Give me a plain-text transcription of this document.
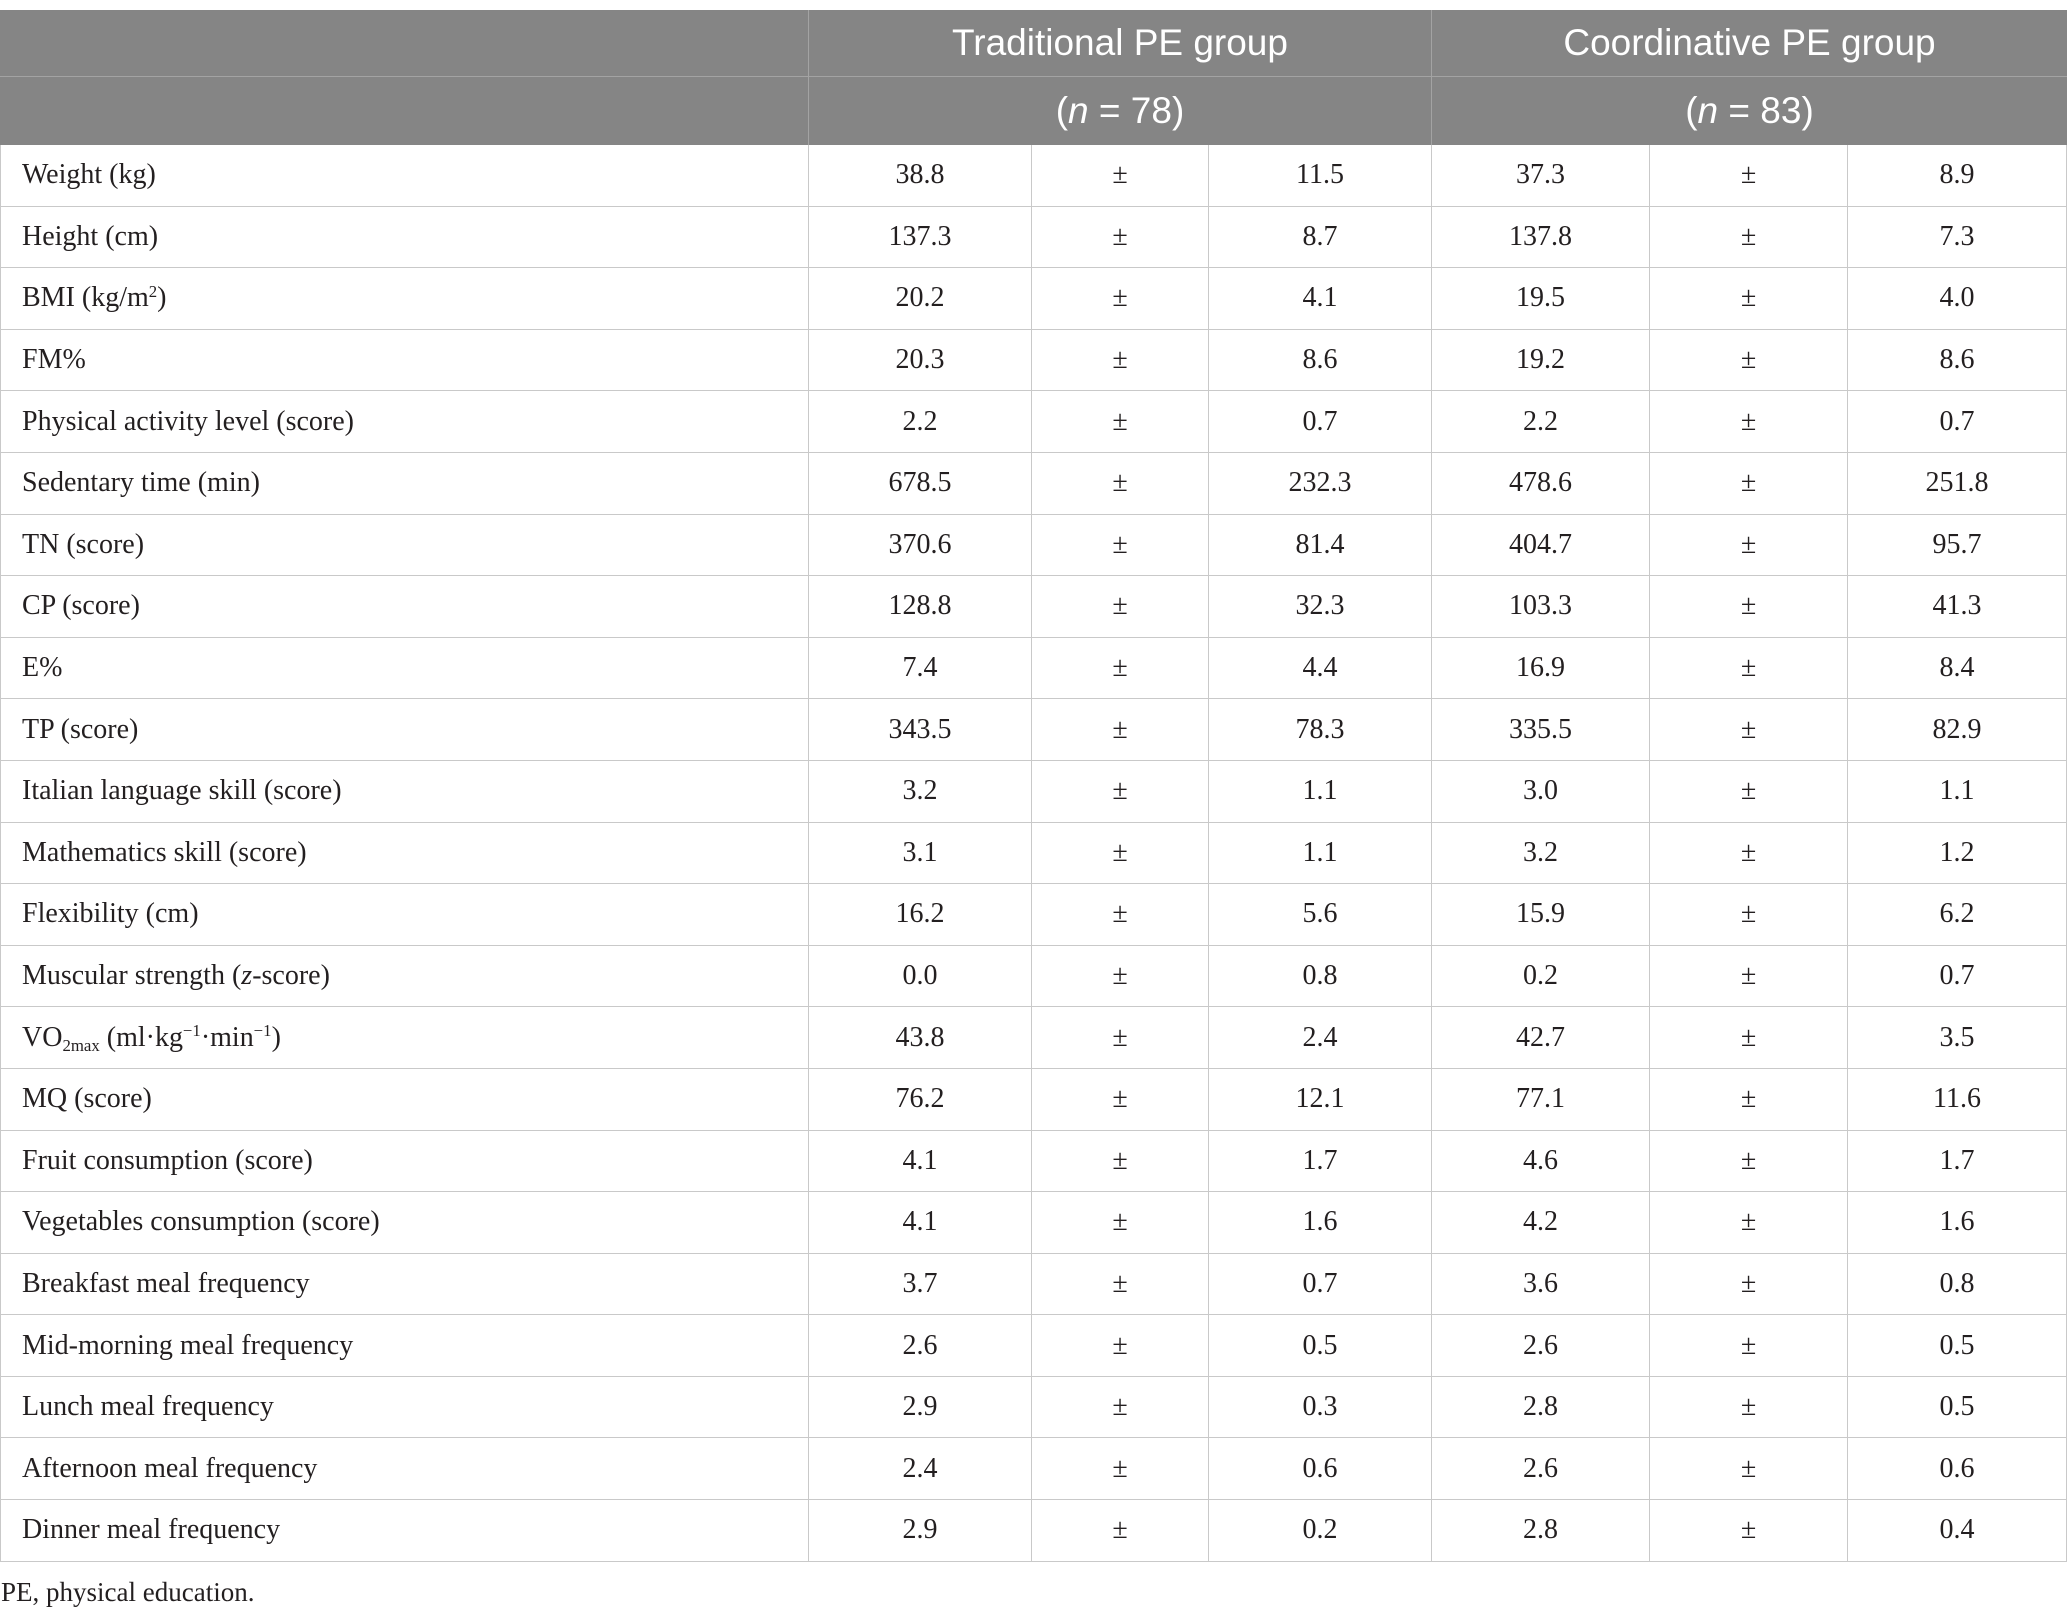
Traditional PE group	Coordinative PE group
(n = 78)	(n = 83)
Weight (kg)	38.8	±	11.5	37.3	±	8.9
Height (cm)	137.3	±	8.7	137.8	±	7.3
BMI $(kg/m^2)$	20.2	±	4.1	19.5	±	4.0
FM%	20.3	±	8.6	19.2	±	8.6
Physical activity level (score)	2.2	±	0.7	2.2	±	0.7
Sedentary time (min)	678.5	±	232.3	478.6	±	251.8
TN (score)	370.6	±	81.4	404.7	±	95.7
CP (score)	128.8	±	32.3	103.3	±	41.3
E%	7.4	±	4.4	16.9	±	8.4
TP (score)	343.5	±	78.3	335.5	±	82.9
Italian language skill (score)	3.2	±	1.1	3.0	±	1.1
Mathematics skill (score)	3.1	±	1.1	3.2	±	1.2
Flexibility (cm)	16.2	±	5.6	15.9	±	6.2
Muscular strength (z-score)	0.0	±	0.8	0.2	±	0.7
$VO_{2max}$ $(ml\cdot kg^{-1}\cdot\min^{-1})$	43.8	±	2.4	42.7	±	3.5
MQ (score)	76.2	±	12.1	77.1	±	11.6
Fruit consumption (score)	4.1	±	1.7	4.6	±	1.7
Vegetables consumption (score)	4.1	±	1.6	4.2	±	1.6
Breakfast meal frequency	3.7	±	0.7	3.6	±	0.8
Mid-morning meal frequency	2.6	±	0.5	2.6	±	0.5
Lunch meal frequency	2.9	±	0.3	2.8	±	0.5
Afternoon meal frequency	2.4	±	0.6	2.6	±	0.6
Dinner meal frequency	2.9	±	0.2	2.8	±	0.4
PE, physical education.
